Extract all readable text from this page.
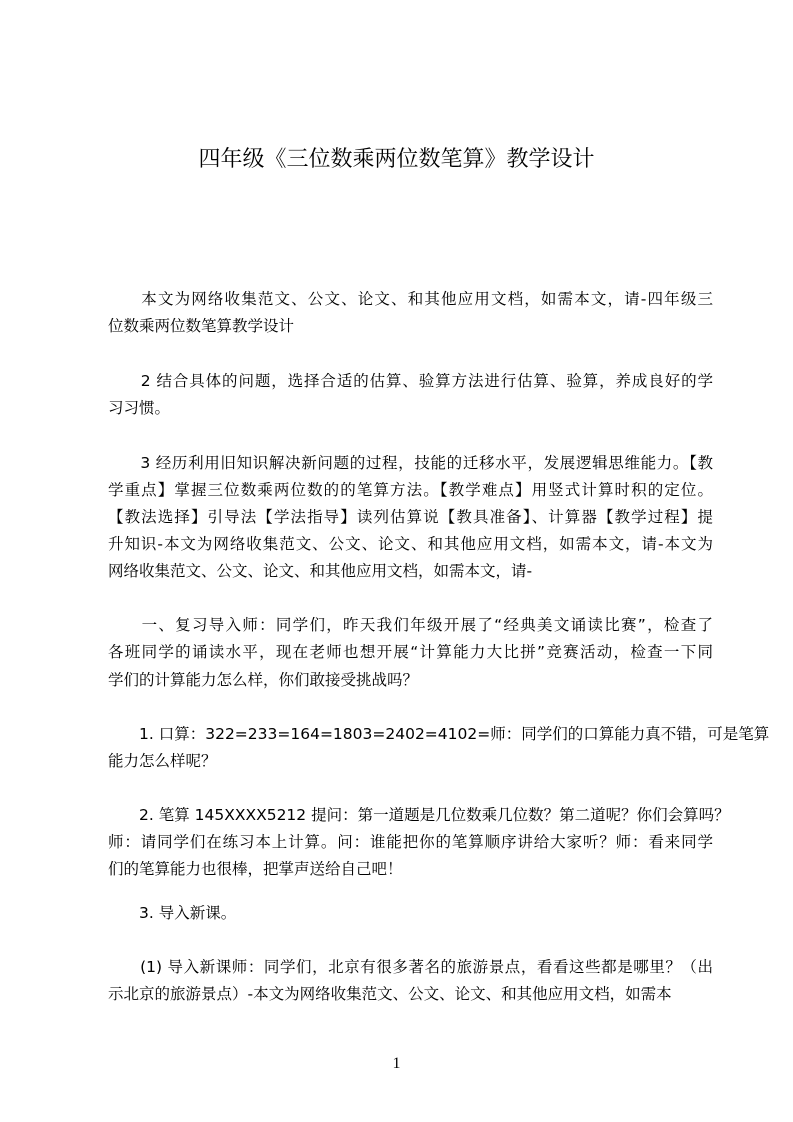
四年级《三位数乘两位数笔算》教学设计
　　本文为网络收集范文、公文、论文、和其他应用文档，如需本文，请-四年级三
位数乘两位数笔算教学设计
　　2 结合具体的问题，选择合适的估算、验算方法进行估算、验算，养成良好的学
习习惯。
　　3 经历利用旧知识解决新问题的过程，技能的迁移水平，发展逻辑思维能力。【教
学重点】掌握三位数乘两位数的的笔算方法。【教学难点】用竖式计算时积的定位。
【教法选择】引导法【学法指导】读列估算说【教具准备】、计算器【教学过程】提
升知识-本文为网络收集范文、公文、论文、和其他应用文档，如需本文，请-本文为
网络收集范文、公文、论文、和其他应用文档，如需本文，请-
　　一、复习导入师：同学们，昨天我们年级开展了“经典美文诵读比赛”，检查了
各班同学的诵读水平，现在老师也想开展“计算能力大比拼”竞赛活动，检查一下同
学们的计算能力怎么样，你们敢接受挑战吗？
　　1. 口算：322=233=164=1803=2402=4102=师：同学们的口算能力真不错，可是笔算
能力怎么样呢？
　　2. 笔算 145XXXX5212 提问：第一道题是几位数乘几位数？第二道呢？你们会算吗？
师：请同学们在练习本上计算。问：谁能把你的笔算顺序讲给大家听？师：看来同学
们的笔算能力也很棒，把掌声送给自己吧！
　　3. 导入新课。
　　(1) 导入新课师：同学们，北京有很多著名的旅游景点，看看这些都是哪里？（出
示北京的旅游景点）-本文为网络收集范文、公文、论文、和其他应用文档，如需本
1
